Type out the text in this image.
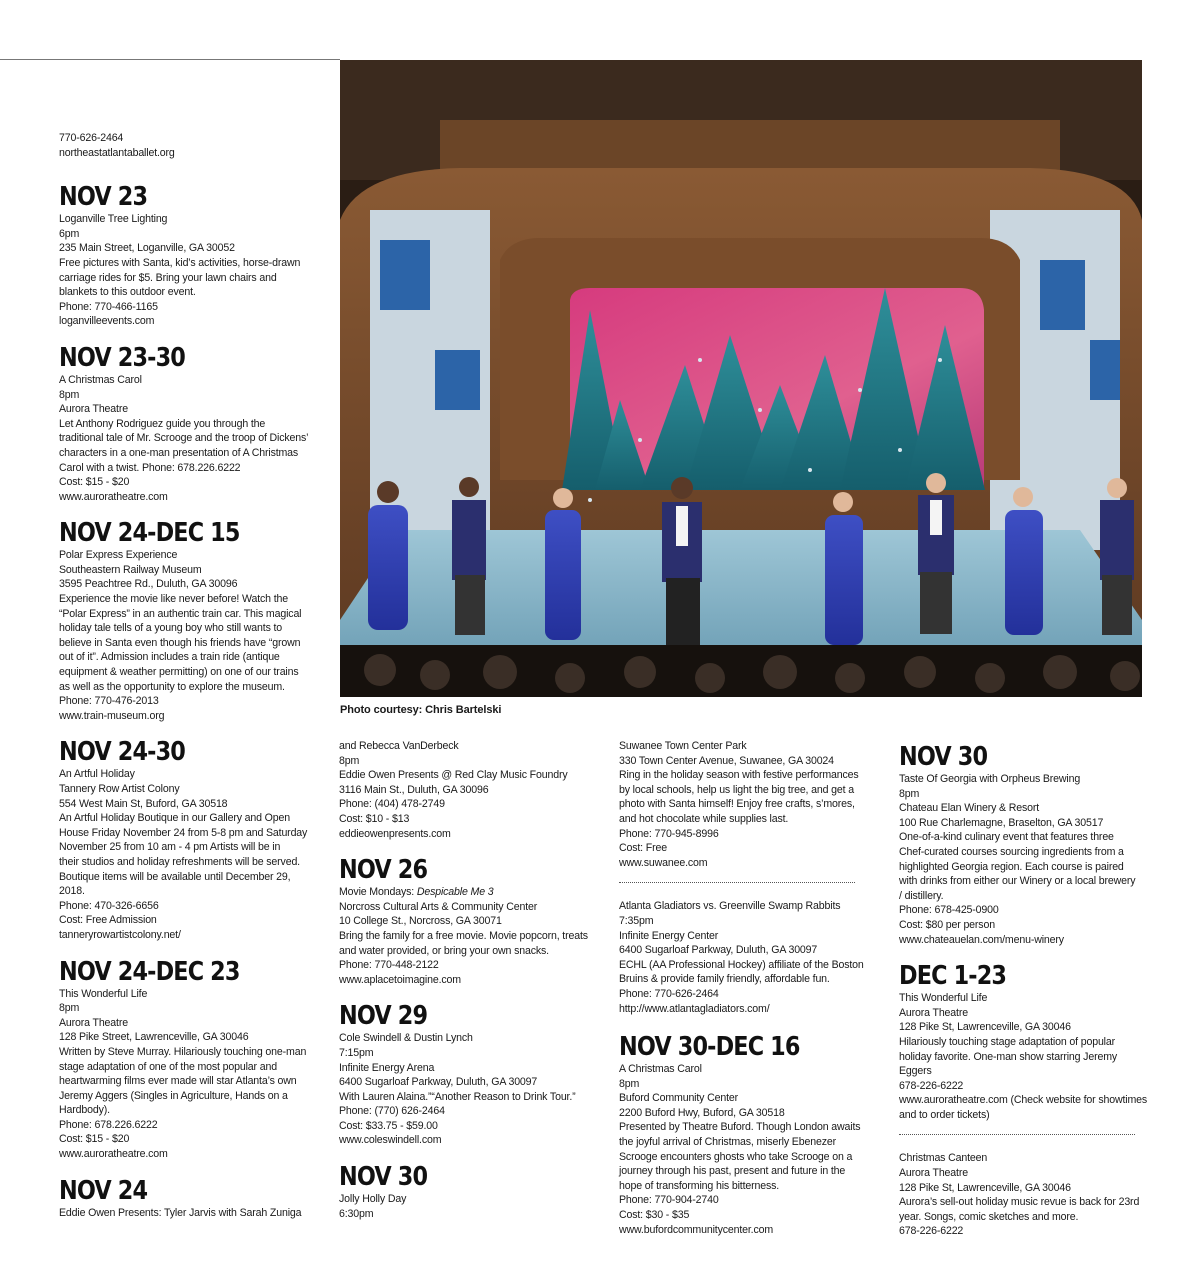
Photo courtesy: Chris Bartelski
770-626-2464
northeastatlantaballet.org
NOV 23
Loganville Tree Lighting
6pm
235 Main Street, Loganville, GA 30052
Free pictures with Santa, kid’s activities, horse-drawn
carriage rides for $5. Bring your lawn chairs and
blankets to this outdoor event.
Phone: 770-466-1165
loganvilleevents.com
NOV 23-30
A Christmas Carol
8pm
Aurora Theatre
Let Anthony Rodriguez guide you through the
traditional tale of Mr. Scrooge and the troop of Dickens’
characters in a one-man presentation of A Christmas
Carol with a twist. Phone: 678.226.6222
Cost: $15 - $20
www.auroratheatre.com
NOV 24-DEC 15
Polar Express Experience
Southeastern Railway Museum
3595 Peachtree Rd., Duluth, GA 30096
Experience the movie like never before! Watch the
“Polar Express” in an authentic train car. This magical
holiday tale tells of a young boy who still wants to
believe in Santa even though his friends have “grown
out of it”. Admission includes a train ride (antique
equipment & weather permitting) on one of our trains
as well as the opportunity to explore the museum.
Phone: 770-476-2013
www.train-museum.org
NOV 24-30
An Artful Holiday
Tannery Row Artist Colony
554 West Main St, Buford, GA 30518
An Artful Holiday Boutique in our Gallery and Open
House Friday November 24 from 5-8 pm and Saturday
November 25 from 10 am - 4 pm Artists will be in
their studios and holiday refreshments will be served.
Boutique items will be available until December 29,
2018.
Phone: 470-326-6656
Cost: Free Admission
tanneryrowartistcolony.net/
NOV 24-DEC 23
This Wonderful Life
8pm
Aurora Theatre
128 Pike Street, Lawrenceville, GA 30046
Written by Steve Murray. Hilariously touching one-man
stage adaptation of one of the most popular and
heartwarming films ever made will star Atlanta’s own
Jeremy Aggers (Singles in Agriculture, Hands on a
Hardbody).
Phone: 678.226.6222
Cost: $15 - $20
www.auroratheatre.com
NOV 24
Eddie Owen Presents: Tyler Jarvis with Sarah Zuniga
and Rebecca VanDerbeck
8pm
Eddie Owen Presents @ Red Clay Music Foundry
3116 Main St., Duluth, GA 30096
Phone: (404) 478-2749
Cost: $10 - $13
eddieowenpresents.com
NOV 26
Movie Mondays: Despicable Me 3
Norcross Cultural Arts & Community Center
10 College St., Norcross, GA 30071
Bring the family for a free movie. Movie popcorn, treats
and water provided, or bring your own snacks.
Phone: 770-448-2122
www.aplacetoimagine.com
NOV 29
Cole Swindell & Dustin Lynch
7:15pm
Infinite Energy Arena
6400 Sugarloaf Parkway, Duluth, GA 30097
With Lauren Alaina.”“Another Reason to Drink Tour.”
Phone: (770) 626-2464
Cost: $33.75 - $59.00
www.coleswindell.com
NOV 30
Jolly Holly Day
6:30pm
Suwanee Town Center Park
330 Town Center Avenue, Suwanee, GA 30024
Ring in the holiday season with festive performances
by local schools, help us light the big tree, and get a
photo with Santa himself! Enjoy free crafts, s’mores,
and hot chocolate while supplies last.
Phone: 770-945-8996
Cost: Free
www.suwanee.com
Atlanta Gladiators vs. Greenville Swamp Rabbits
7:35pm
Infinite Energy Center
6400 Sugarloaf Parkway, Duluth, GA 30097
ECHL (AA Professional Hockey) affiliate of the Boston
Bruins & provide family friendly, affordable fun.
Phone: 770-626-2464
http://www.atlantagladiators.com/
NOV 30-DEC 16
A Christmas Carol
8pm
Buford Community Center
2200 Buford Hwy, Buford, GA 30518
Presented by Theatre Buford. Though London awaits
the joyful arrival of Christmas, miserly Ebenezer
Scrooge encounters ghosts who take Scrooge on a
journey through his past, present and future in the
hope of transforming his bitterness.
Phone: 770-904-2740
Cost: $30 - $35
www.bufordcommunitycenter.com
NOV 30
Taste Of Georgia with Orpheus Brewing
8pm
Chateau Elan Winery & Resort
100 Rue Charlemagne, Braselton, GA 30517
One-of-a-kind culinary event that features three
Chef-curated courses sourcing ingredients from a
highlighted Georgia region. Each course is paired
with drinks from either our Winery or a local brewery
/ distillery.
Phone: 678-425-0900
Cost: $80 per person
www.chateauelan.com/menu-winery
DEC 1-23
This Wonderful Life
Aurora Theatre
128 Pike St, Lawrenceville, GA 30046
Hilariously touching stage adaptation of popular
holiday favorite. One-man show starring Jeremy
Eggers
678-226-6222
www.auroratheatre.com (Check website for showtimes
and to order tickets)
Christmas Canteen
Aurora Theatre
128 Pike St, Lawrenceville, GA 30046
Aurora’s sell-out holiday music revue is back for 23rd
year. Songs, comic sketches and more.
678-226-6222
